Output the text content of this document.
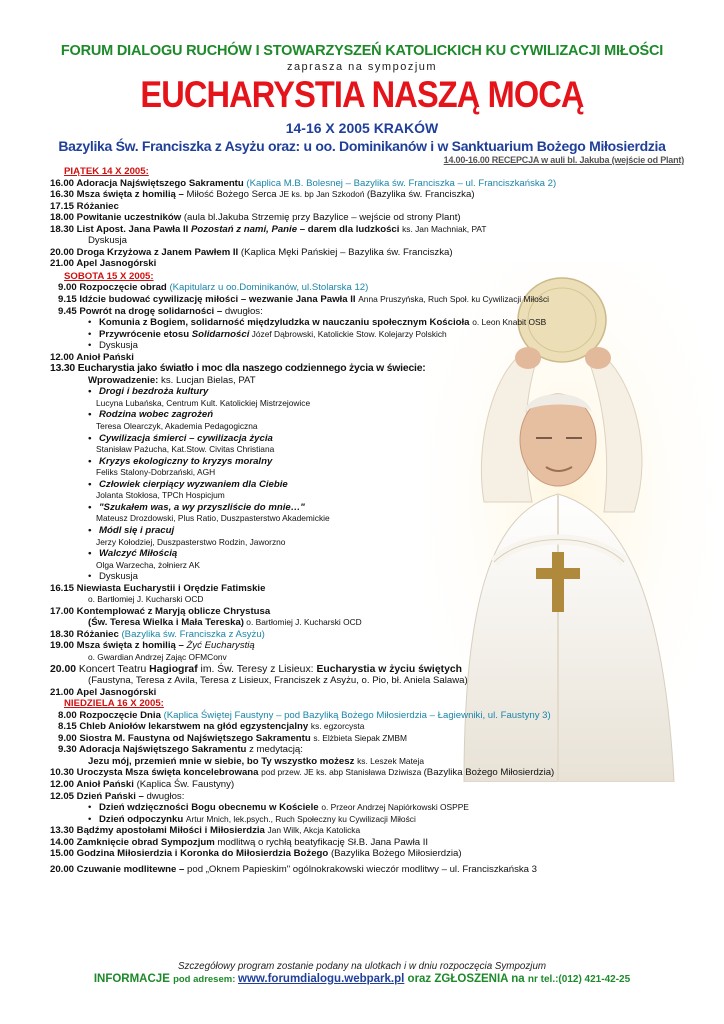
FORUM DIALOGU RUCHÓW I STOWARZYSZEŃ KATOLICKICH KU CYWILIZACJI MIŁOŚCI
zaprasza na sympozjum
EUCHARYSTIA NASZĄ MOCĄ
14-16 X 2005 KRAKÓW
Bazylika Św. Franciszka z Asyżu oraz: u oo. Dominikanów i w Sanktuarium Bożego Miłosierdzia
14.00-16.00 RECEPCJA w auli bl. Jakuba (wejście od Plant)
PIĄTEK 14 X 2005:
16.00 Adoracja Najświętszego Sakramentu (Kaplica M.B. Bolesnej – Bazylika św. Franciszka – ul. Franciszkańska 2)
16.30 Msza święta z homilią – Miłość Bożego Serca JE ks. bp Jan Szkodoń (Bazylika św. Franciszka)
17.15 Różaniec
18.00 Powitanie uczestników (aula bl.Jakuba Strzemię przy Bazylice – wejście od strony Plant)
18.30 List Apost. Jana Pawła II Pozostań z nami, Panie – darem dla ludzkości ks. Jan Machniak, PAT
Dyskusja
20.00 Droga Krzyżowa z Janem Pawłem II (Kaplica Męki Pańskiej – Bazylika św. Franciszka)
21.00 Apel Jasnogórski
SOBOTA 15 X 2005:
9.00 Rozpoczęcie obrad (Kapitularz u oo.Dominikanów, ul.Stolarska 12)
9.15 Idźcie budować cywilizację miłości – wezwanie Jana Pawła II Anna Pruszyńska, Ruch Społ. ku Cywilizacji Miłości
9.45 Powrót na drogę solidarności – dwugłos:
• Komunia z Bogiem, solidarność międzyludzka w nauczaniu społecznym Kościoła o. Leon Knabit OSB
• Przywrócenie etosu Solidarności Józef Dąbrowski, Katolickie Stow. Kolejarzy Polskich
• Dyskusja
12.00 Anioł Pański
13.30 Eucharystia jako światło i moc dla naszego codziennego życia w świecie:
Wprowadzenie: ks. Lucjan Bielas, PAT
• Drogi i bezdroża kultury
Lucyna Lubańska, Centrum Kult. Katolickiej Mistrzejowice
• Rodzina wobec zagrożeń
Teresa Olearczyk, Akademia Pedagogiczna
• Cywilizacja śmierci – cywilizacja życia
Stanisław Pażucha, Kat.Stow. Civitas Christiana
• Kryzys ekologiczny to kryzys moralny
Feliks Stalony-Dobrzański, AGH
• Człowiek cierpiący wyzwaniem dla Ciebie
Jolanta Stokłosa, TPCh Hospicjum
• "Szukałem was, a wy przyszliście do mnie…"
Mateusz Drozdowski, Plus Ratio, Duszpasterstwo Akademickie
• Módl się i pracuj
Jerzy Kołodziej, Duszpasterstwo Rodzin, Jaworzno
• Walczyć Miłością
Olga Warzecha, żołnierz AK
• Dyskusja
16.15 Niewiasta Eucharystii i Orędzie Fatimskie
o. Bartłomiej J. Kucharski OCD
17.00 Kontemplować z Maryją oblicze Chrystusa
(Św. Teresa Wielka i Mała Tereska) o. Bartłomiej J. Kucharski OCD
18.30 Różaniec (Bazylika św. Franciszka z Asyżu)
19.00 Msza święta z homilią – Żyć Eucharystią
o. Gwardian Andrzej Zając OFMConv
20.00 Koncert Teatru Hagiograf im. Św. Teresy z Lisieux: Eucharystia w życiu świętych
(Faustyna, Teresa z Avila, Teresa z Lisieux, Franciszek z Asyżu, o. Pio, bł. Aniela Salawa)
21.00 Apel Jasnogórski
NIEDZIELA 16 X 2005:
8.00 Rozpoczęcie Dnia (Kaplica Świętej Faustyny – pod Bazyliką Bożego Miłosierdzia – Łagiewniki, ul. Faustyny 3)
8.15 Chleb Aniołów lekarstwem na głód egzystencjalny ks. egzorcysta
9.00 Siostra M. Faustyna od Najświętszego Sakramentu s. Elżbieta Siepak ZMBM
9.30 Adoracja Najświętszego Sakramentu z medytacją:
Jezu mój, przemień mnie w siebie, bo Ty wszystko możesz ks. Leszek Mateja
10.30 Uroczysta Msza święta koncelebrowana pod przew. JE ks. abp Stanisława Dziwisza (Bazylika Bożego Miłosierdzia)
12.00 Anioł Pański (Kaplica Św. Faustyny)
12.05 Dzień Pański – dwugłos:
• Dzień wdzięczności Bogu obecnemu w Kościele o. Przeor Andrzej Napiórkowski OSPPE
• Dzień odpoczynku Artur Mnich, lek.psych., Ruch Społeczny ku Cywilizacji Miłości
13.30 Bądźmy apostołami Miłości i Miłosierdzia Jan Wilk, Akcja Katolicka
14.00 Zamknięcie obrad Sympozjum modlitwą o rychłą beatyfikację Sł.B. Jana Pawła II
15.00 Godzina Miłosierdzia i Koronka do Miłosierdzia Bożego (Bazylika Bożego Miłosierdzia)
20.00 Czuwanie modlitewne – pod „Oknem Papieskim" ogólnokrakowski wieczór modlitwy – ul. Franciszkańska 3
Szczegółowy program zostanie podany na ulotkach i w dniu rozpoczęcia Sympozjum
INFORMACJE pod adresem: www.forumdialogu.webpark.pl oraz ZGŁOSZENIA na nr tel.:(012) 421-42-25
